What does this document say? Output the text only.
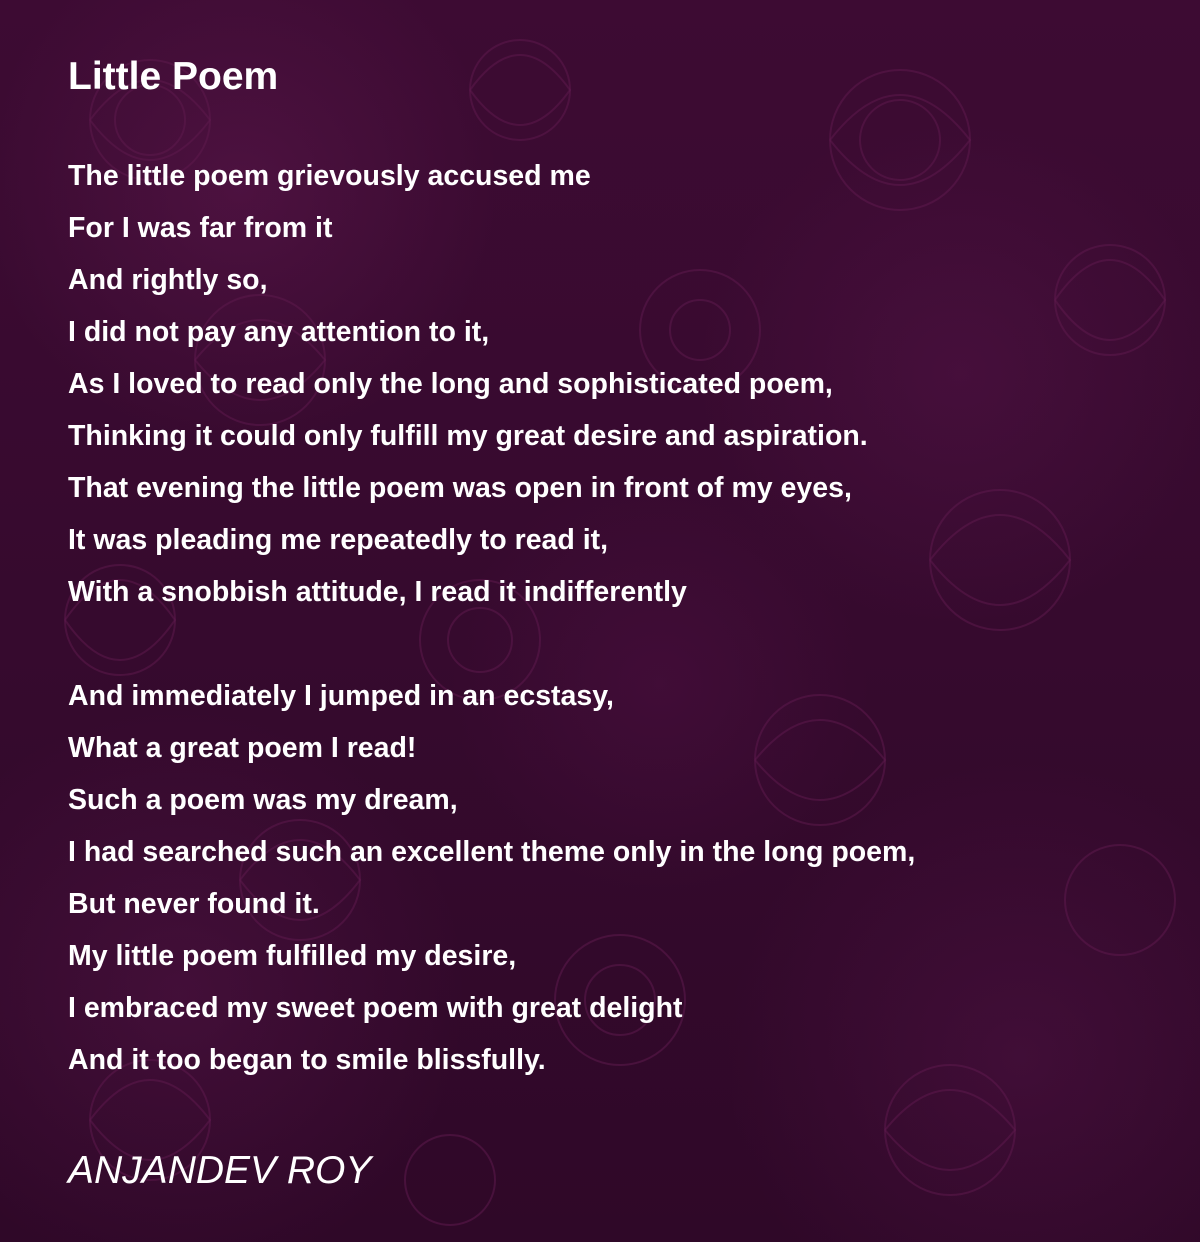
Little Poem
The little poem grievously accused me
For I was far from it
And rightly so,
I did not pay any attention to it,
As I loved to read only the long and sophisticated poem,
Thinking it could only fulfill my great desire and aspiration.
That evening the little poem was open in front of my eyes,
It was pleading me repeatedly to read it,
With a snobbish attitude, I read it indifferently
And immediately I jumped in an ecstasy,
What a great poem I read!
Such a poem was my dream,
I had searched such an excellent theme only in the long poem,
But never found it.
My little poem fulfilled my desire,
I embraced my sweet poem with great delight
And it too began to smile blissfully.
ANJANDEV ROY
